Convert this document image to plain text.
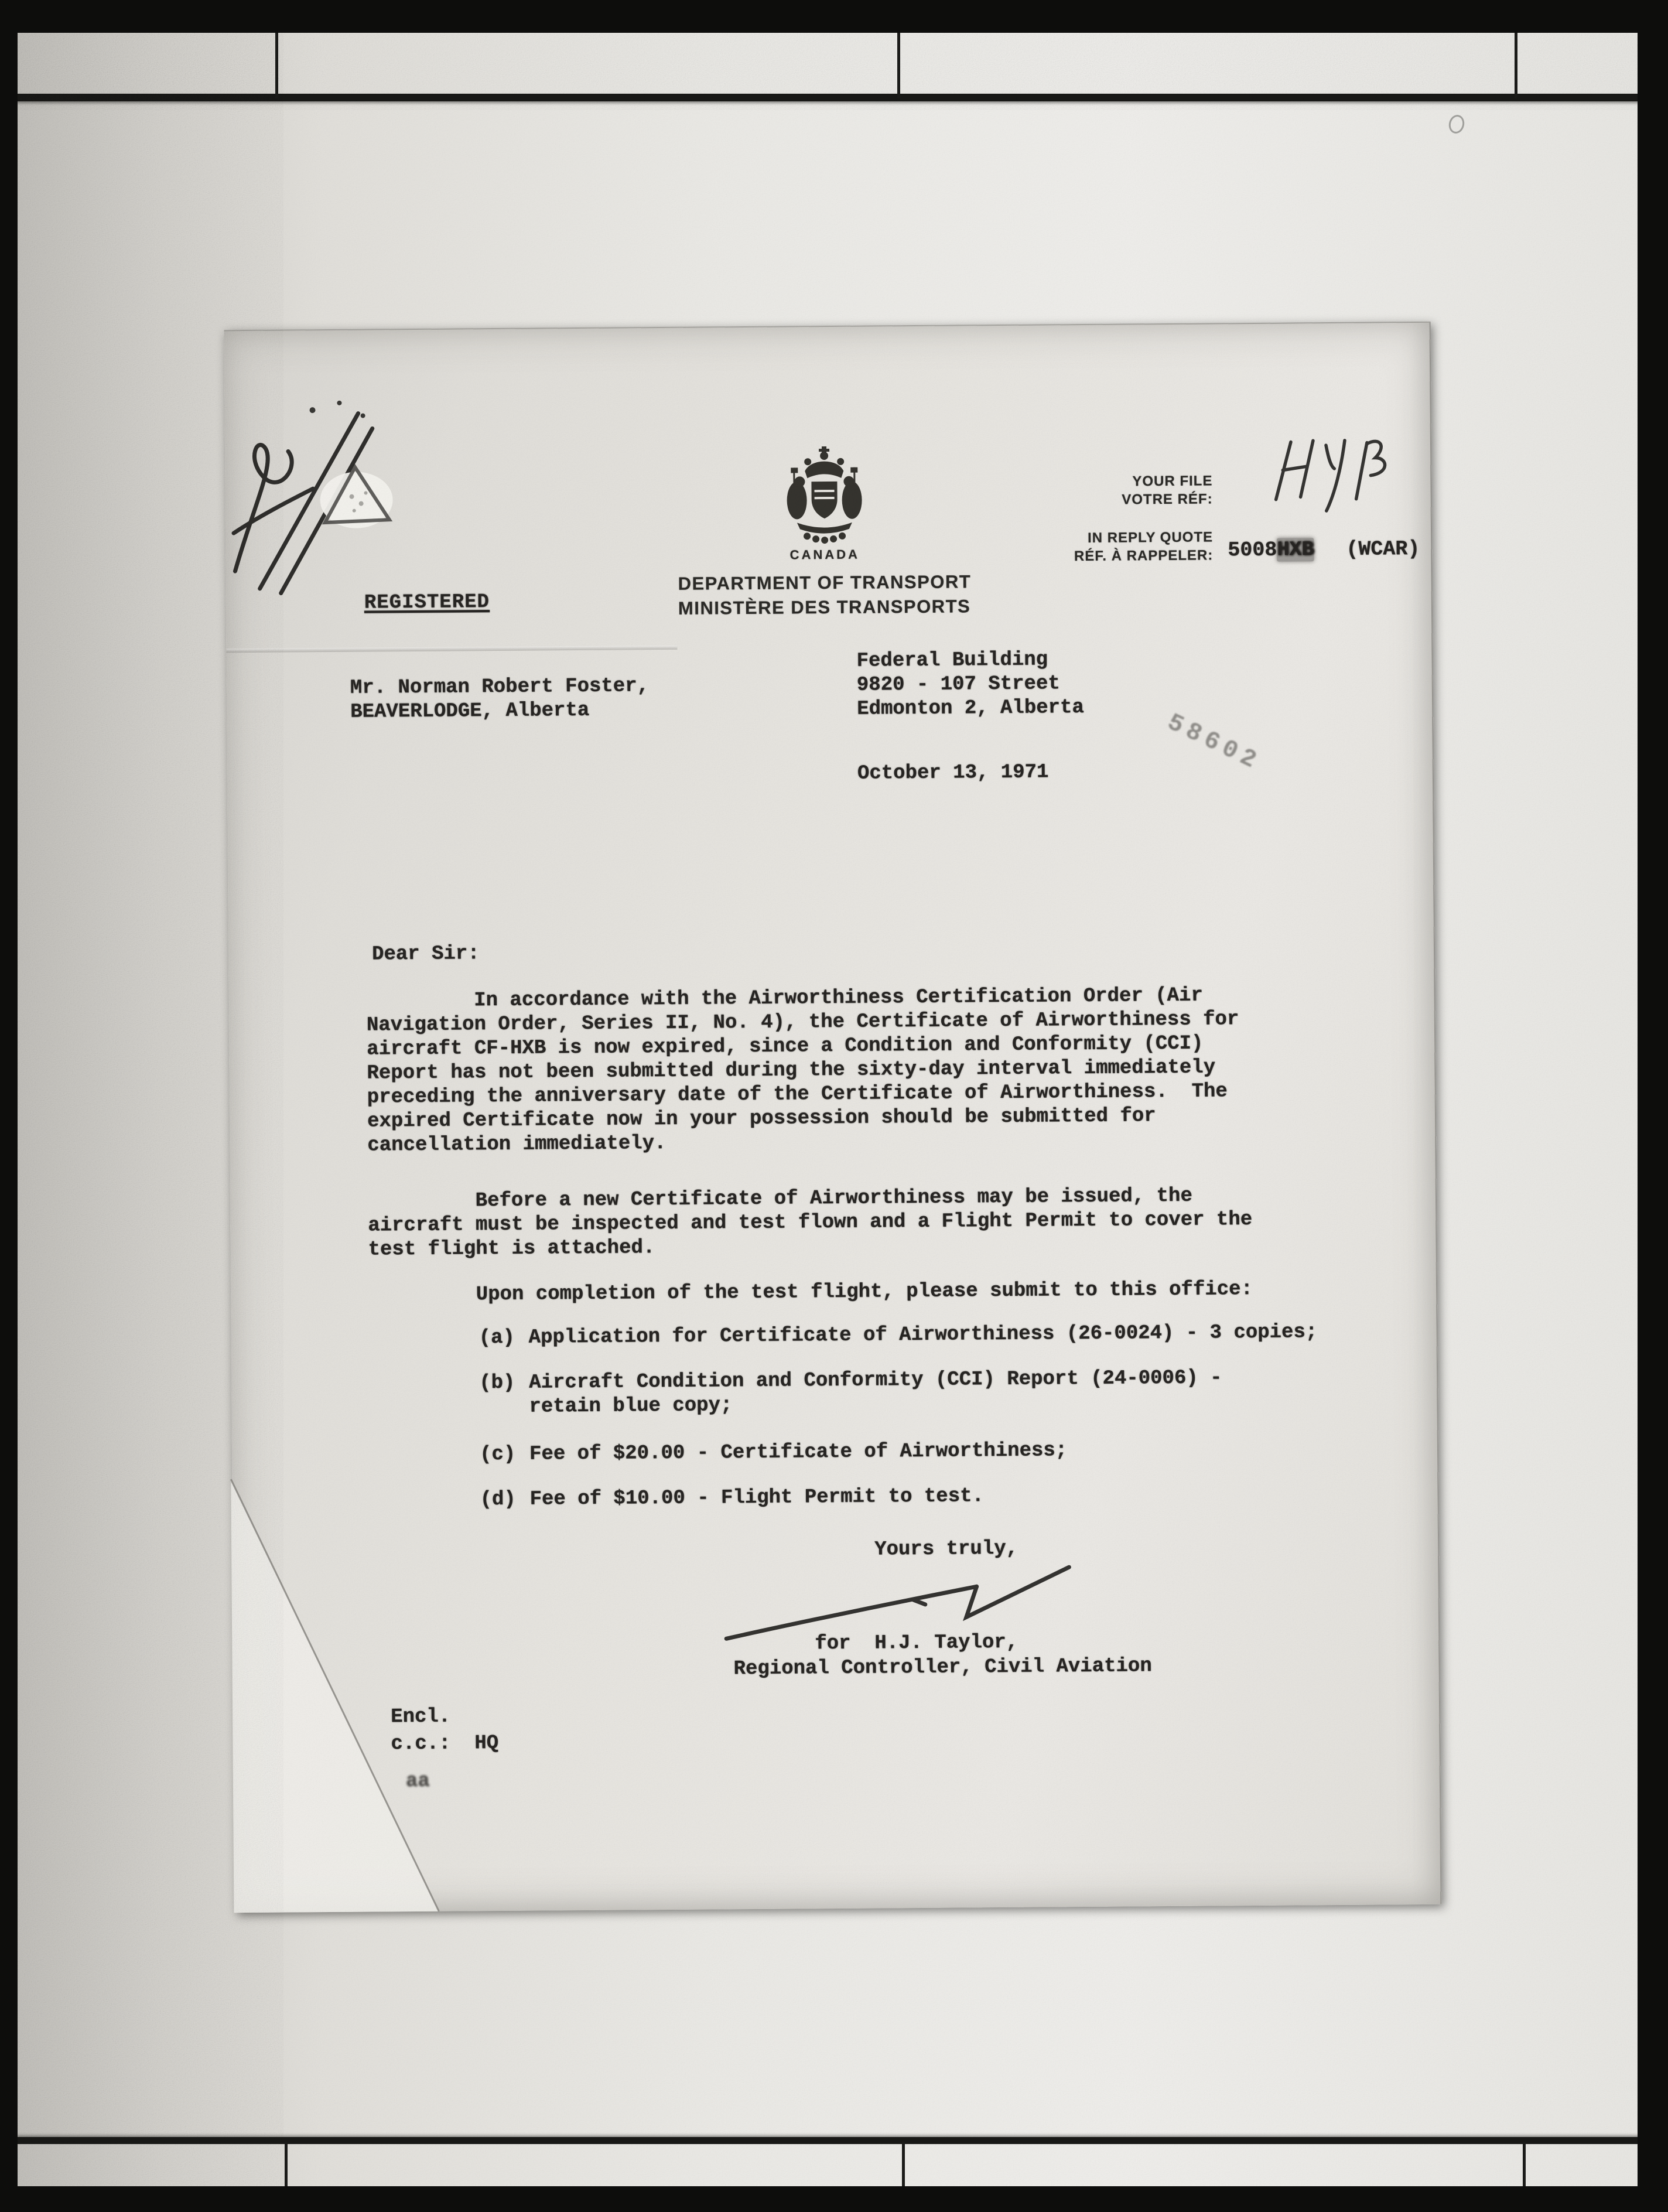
CANADA
DEPARTMENT OF TRANSPORT
MINISTÈRE DES TRANSPORTS
YOUR FILE
VOTRE RÉF:
IN REPLY QUOTE
RÉF. À RAPPELER: 5008HXB (WCAR)
REGISTERED
Mr. Norman Robert Foster,
BEAVERLODGE, Alberta
Federal Building
9820 - 107 Street
Edmonton 2, Alberta
October 13, 1971	58602
Dear Sir:
In accordance with the Airworthiness Certification Order (Air
Navigation Order, Series II, No. 4), the Certificate of Airworthiness for
aircraft CF-HXB is now expired, since a Condition and Conformity (CCI)
Report has not been submitted during the sixty-day interval immediately
preceding the anniversary date of the Certificate of Airworthiness.  The
expired Certificate now in your possession should be submitted for
cancellation immediately.
Before a new Certificate of Airworthiness may be issued, the
aircraft must be inspected and test flown and a Flight Permit to cover the
test flight is attached.
Upon completion of the test flight, please submit to this office:
(a) Application for Certificate of Airworthiness (26-0024) - 3 copies;
(b) Aircraft Condition and Conformity (CCI) Report (24-0006) -
retain blue copy;
(c) Fee of $20.00 - Certificate of Airworthiness;
(d) Fee of $10.00 - Flight Permit to test.
Yours truly,
for  H.J. Taylor,
Regional Controller, Civil Aviation
Encl.
c.c.:  HQ
aa
